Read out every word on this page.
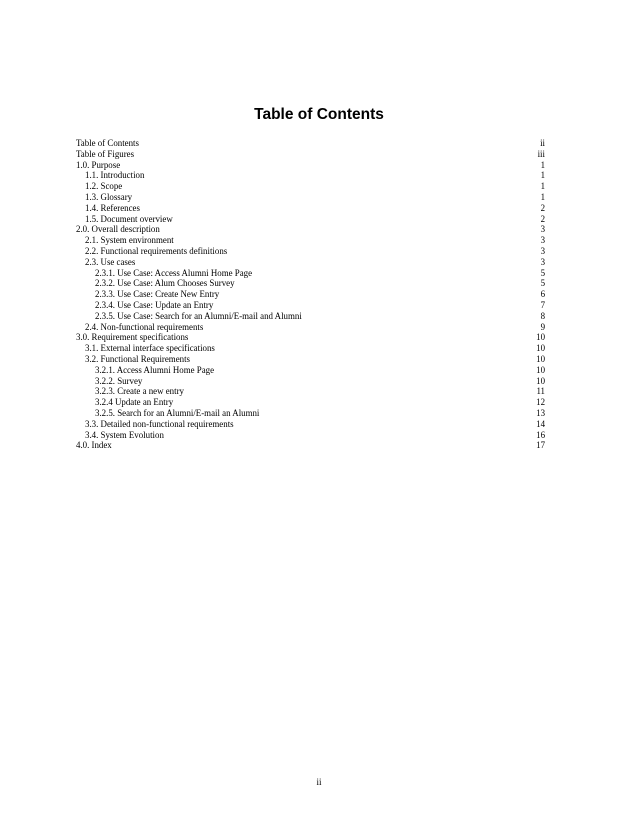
Table of Contents
Table of Contents	ii
Table of Figures	iii
1.0. Purpose	1
1.1. Introduction	1
1.2. Scope	1
1.3. Glossary	1
1.4. References	2
1.5. Document overview	2
2.0. Overall description	3
2.1. System environment	3
2.2. Functional requirements definitions	3
2.3. Use cases	3
2.3.1. Use Case: Access Alumni Home Page	5
2.3.2. Use Case: Alum Chooses Survey	5
2.3.3. Use Case: Create New Entry	6
2.3.4. Use Case: Update an Entry	7
2.3.5. Use Case: Search for an Alumni/E-mail and Alumni	8
2.4. Non-functional requirements	9
3.0. Requirement specifications	10
3.1. External interface specifications	10
3.2. Functional Requirements	10
3.2.1. Access Alumni Home Page	10
3.2.2. Survey	10
3.2.3. Create a new entry	11
3.2.4 Update an Entry	12
3.2.5. Search for an Alumni/E-mail an Alumni	13
3.3. Detailed non-functional requirements	14
3.4. System Evolution	16
4.0. Index	17
ii
